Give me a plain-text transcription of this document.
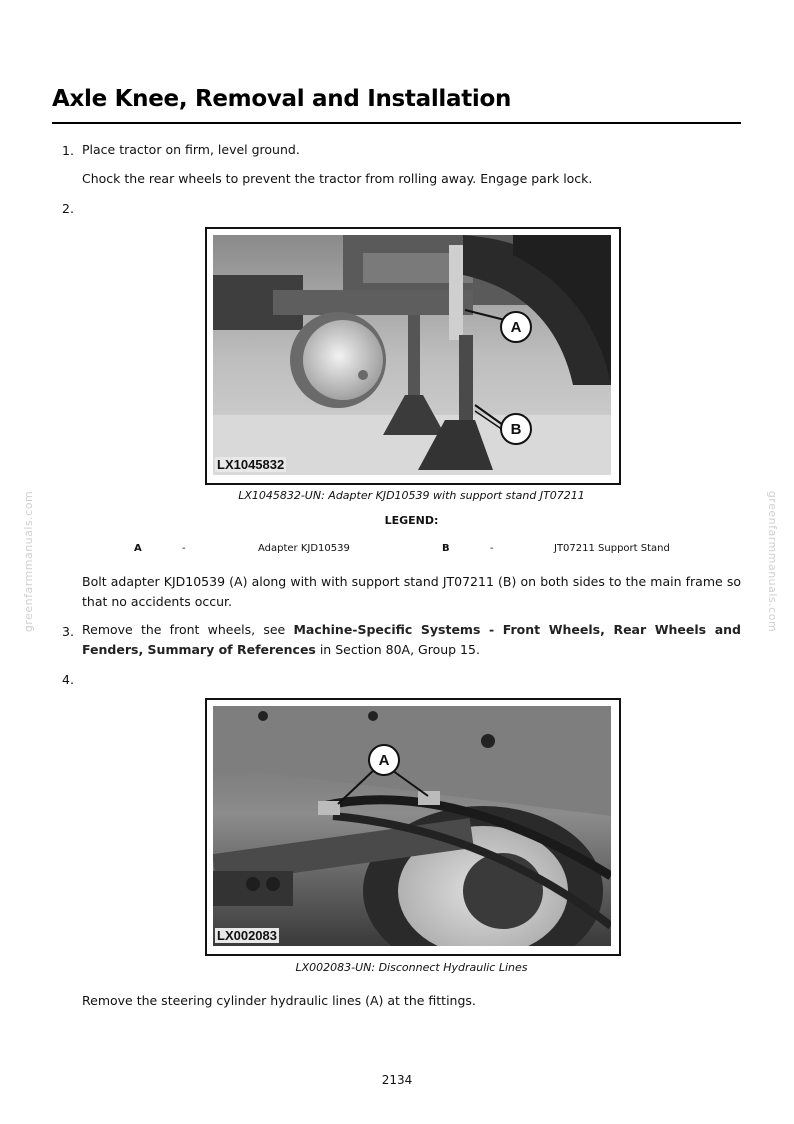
Axle Knee, Removal and Installation
greenfarmmanuals.com	greenfarmmanuals.com
1. Place tractor on firm, level ground.
Chock the rear wheels to prevent the tractor from rolling away. Engage park lock.
2.
A
B
LX1045832
LX1045832-UN: Adapter KJD10539 with support stand JT07211
LEGEND:
A	-	Adapter KJD10539	B	-	JT07211 Support Stand
Bolt adapter KJD10539 (A) along with with support stand JT07211 (B) on both sides to the main frame so that no accidents occur.
3. Remove the front wheels, see Machine-Specific Systems - Front Wheels, Rear Wheels and Fenders, Summary of References in Section 80A, Group 15.
4.
A
LX002083
LX002083-UN: Disconnect Hydraulic Lines
Remove the steering cylinder hydraulic lines (A) at the fittings.
2134
